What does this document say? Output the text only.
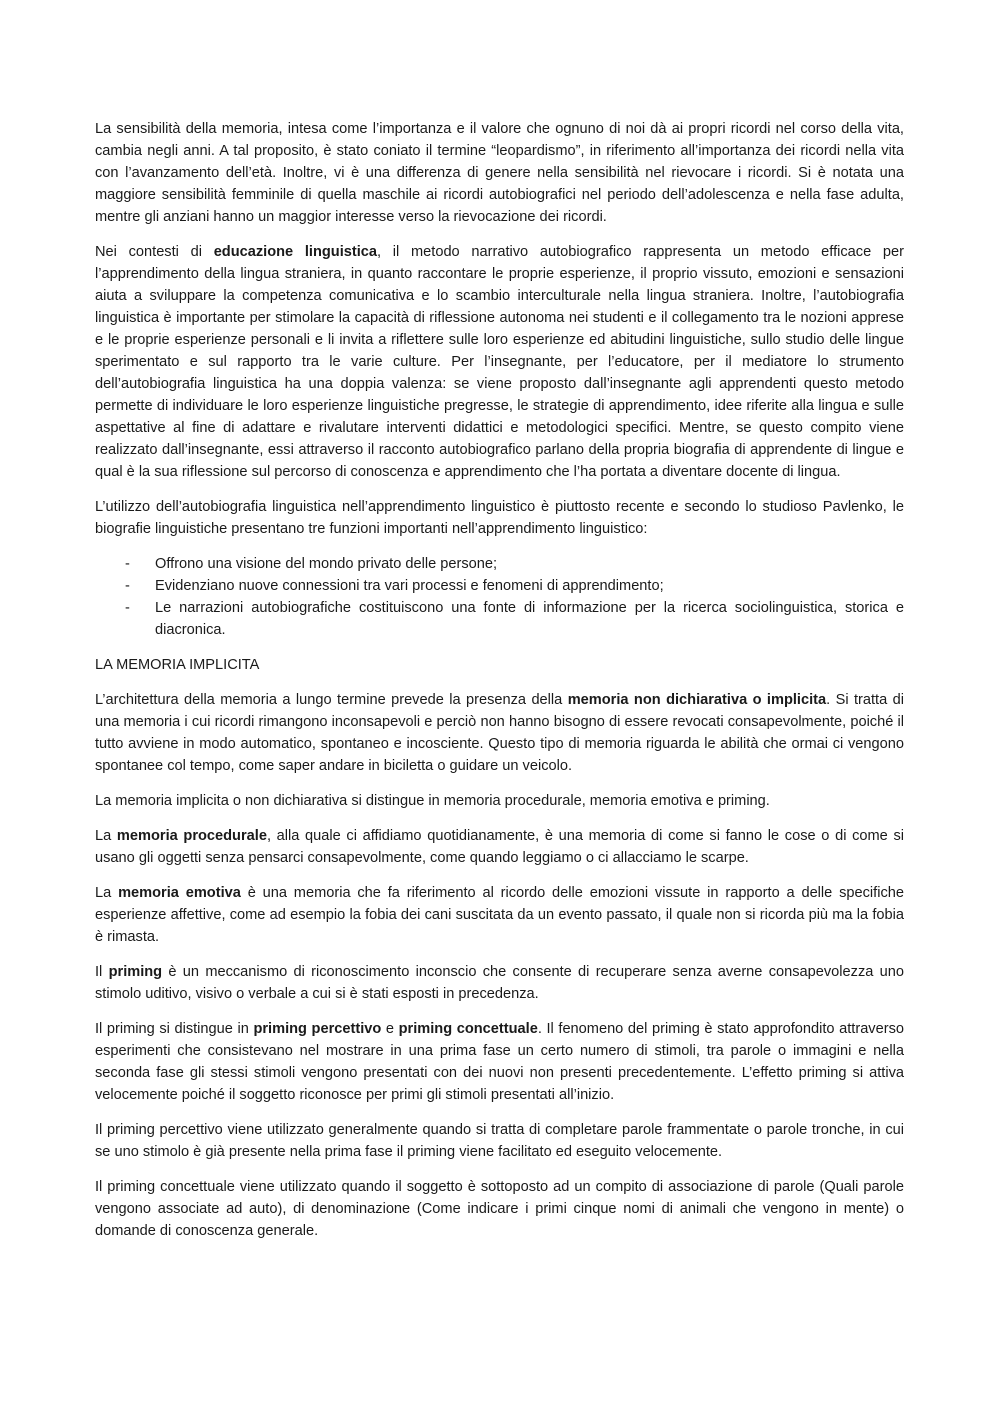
La sensibilità della memoria, intesa come l’importanza e il valore che ognuno di noi dà ai propri ricordi nel corso della vita, cambia negli anni. A tal proposito, è stato coniato il termine “leopardismo”, in riferimento all’importanza dei ricordi nella vita con l’avanzamento dell’età. Inoltre, vi è una differenza di genere nella sensibilità nel rievocare i ricordi. Si è notata una maggiore sensibilità femminile di quella maschile ai ricordi autobiografici nel periodo dell’adolescenza e nella fase adulta, mentre gli anziani hanno un maggior interesse verso la rievocazione dei ricordi.

Nei contesti di educazione linguistica, il metodo narrativo autobiografico rappresenta un metodo efficace per l’apprendimento della lingua straniera, in quanto raccontare le proprie esperienze, il proprio vissuto, emozioni e sensazioni aiuta a sviluppare la competenza comunicativa e lo scambio interculturale nella lingua straniera. Inoltre, l’autobiografia linguistica è importante per stimolare la capacità di riflessione autonoma nei studenti e il collegamento tra le nozioni apprese e le proprie esperienze personali e li invita a riflettere sulle loro esperienze ed abitudini linguistiche, sullo studio delle lingue sperimentato e sul rapporto tra le varie culture. Per l’insegnante, per l’educatore, per il mediatore lo strumento dell’autobiografia linguistica ha una doppia valenza: se viene proposto dall’insegnante agli apprendenti questo metodo permette di individuare le loro esperienze linguistiche pregresse, le strategie di apprendimento, idee riferite alla lingua e sulle aspettative al fine di adattare e rivalutare interventi didattici e metodologici specifici. Mentre, se questo compito viene realizzato dall’insegnante, essi attraverso il racconto autobiografico parlano della propria biografia di apprendente di lingue e qual è la sua riflessione sul percorso di conoscenza e apprendimento che l’ha portata a diventare docente di lingua.

L’utilizzo dell’autobiografia linguistica nell’apprendimento linguistico è piuttosto recente e secondo lo studioso Pavlenko, le biografie linguistiche presentano tre funzioni importanti nell’apprendimento linguistico:

- Offrono una visione del mondo privato delle persone;
- Evidenziano nuove connessioni tra vari processi e fenomeni di apprendimento;
- Le narrazioni autobiografiche costituiscono una fonte di informazione per la ricerca sociolinguistica, storica e diacronica.
LA MEMORIA IMPLICITA

L’architettura della memoria a lungo termine prevede la presenza della memoria non dichiarativa o implicita. Si tratta di una memoria i cui ricordi rimangono inconsapevoli e perciò non hanno bisogno di essere revocati consapevolmente, poiché il tutto avviene in modo automatico, spontaneo e incosciente. Questo tipo di memoria riguarda le abilità che ormai ci vengono spontanee col tempo, come saper andare in bicilettа o guidare un veicolo.

La memoria implicita o non dichiarativa si distingue in memoria procedurale, memoria emotiva e priming.

La memoria procedurale, alla quale ci affidiamo quotidianamente, è una memoria di come si fanno le cose o di come si usano gli oggetti senza pensarci consapevolmente, come quando leggiamo o ci allacciamo le scarpe.

La memoria emotiva è una memoria che fa riferimento al ricordo delle emozioni vissute in rapporto a delle specifiche esperienze affettive, come ad esempio la fobia dei cani suscitata da un evento passato, il quale non si ricorda più ma la fobia è rimasta.

Il priming è un meccanismo di riconoscimento inconscio che consente di recuperare senza averne consapevolezza uno stimolo uditivo, visivo o verbale a cui si è stati esposti in precedenza.

Il priming si distingue in priming percettivo e priming concettuale. Il fenomeno del priming è stato approfondito attraverso esperimenti che consistevano nel mostrare in una prima fase un certo numero di stimoli, tra parole o immagini e nella seconda fase gli stessi stimoli vengono presentati con dei nuovi non presenti precedentemente. L’effetto priming si attiva velocemente poiché il soggetto riconosce per primi gli stimoli presentati all’inizio.

Il priming percettivo viene utilizzato generalmente quando si tratta di completare parole frammentate o parole tronche, in cui se uno stimolo è già presente nella prima fase il priming viene facilitato ed eseguito velocemente.

Il priming concettuale viene utilizzato quando il soggetto è sottoposto ad un compito di associazione di parole (Quali parole vengono associate ad auto), di denominazione (Come indicare i primi cinque nomi di animali che vengono in mente) o domande di conoscenza generale.
